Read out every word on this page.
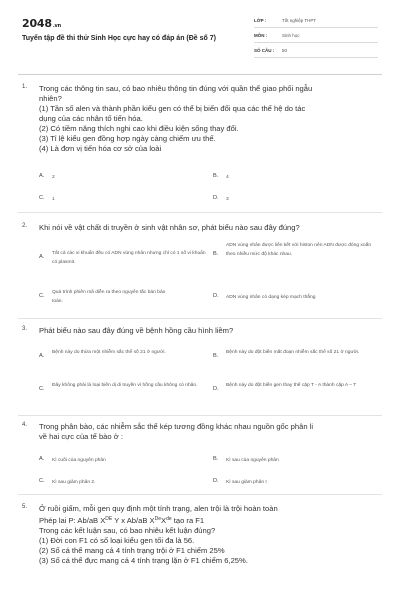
2048.vn
Tuyển tập đề thi thử Sinh Học cực hay có đáp án (Đề số 7)
LỚP :	Tốt nghiệp THPT
MÔN :	Sinh học
SỐ CÂU :	50
1. Trong các thông tin sau, có bao nhiêu thông tin đúng với quần thể giao phối ngẫu
nhiên?
(1) Tần số alen và thành phần kiểu gen có thể bị biến đổi qua các thế hệ do tác
dụng của các nhân tố tiến hóa.
(2) Có tiềm năng thích nghi cao khi điều kiện sống thay đổi.
(3) Tỉ lệ kiểu gen đồng hợp ngày càng chiếm ưu thế.
(4) Là đơn vị tiến hóa cơ sở của loài
A. 2	B. 4
C. 1	D. 3
2. Khi nói về vật chất di truyền ở sinh vật nhân sơ, phát biểu nào sau đây đúng?
A.
Tất cả các vi khuẩn đều có ADN vùng nhân nhưng chỉ có 1 số vi khuẩn có plasmit.
B.
ADN vùng nhân được liên kết với histon nên ADN được đóng xoắn theo nhiều mức độ khác nhau.
C.
Quá trình phiên mã diễn ra theo nguyên tắc bán bảo toàn.
D. ADN vùng nhân có dạng kép mạch thẳng
3. Phát biểu nào sau đây đúng về bệnh hồng cầu hình liềm?
A.
Bệnh này do thừa một nhiễm sắc thể số 21 ở người.
B.
Bệnh này do đột biến mất đoạn nhiễm sắc thể số 21 ở người.
C.
Đây không phải là loại biến dị di truyền vì hồng cầu không có nhân.
D.
Bệnh này do đột biến gen thay thế cặp T - A thành cặp A – T
4. Trong phân bào, các nhiễm sắc thể kép tương đồng khác nhau nguồn gốc phân li
về hai cực của tế bào ở :
A. Kì cuối của nguyên phân	B. Kì sau của nguyên phân
C. Kì sau giảm phân 2.	D. Kì sau giảm phân I
5. Ở ruồi giấm, mỗi gen quy định một tính trạng, alen trội là trội hoàn toàn
Phép lai P: Ab/aB XDE Y x Ab/aB XDeXde tạo ra F1
Trong các kết luận sau, có bao nhiêu kết luận đúng?
(1) Đời con F1 có số loại kiểu gen tối đa là 56.
(2) Số cá thể mang cả 4 tính trạng trội ở F1 chiếm 25%
(3) Số cá thể đực mang cả 4 tính trạng lặn ở F1 chiếm 6,25%.
